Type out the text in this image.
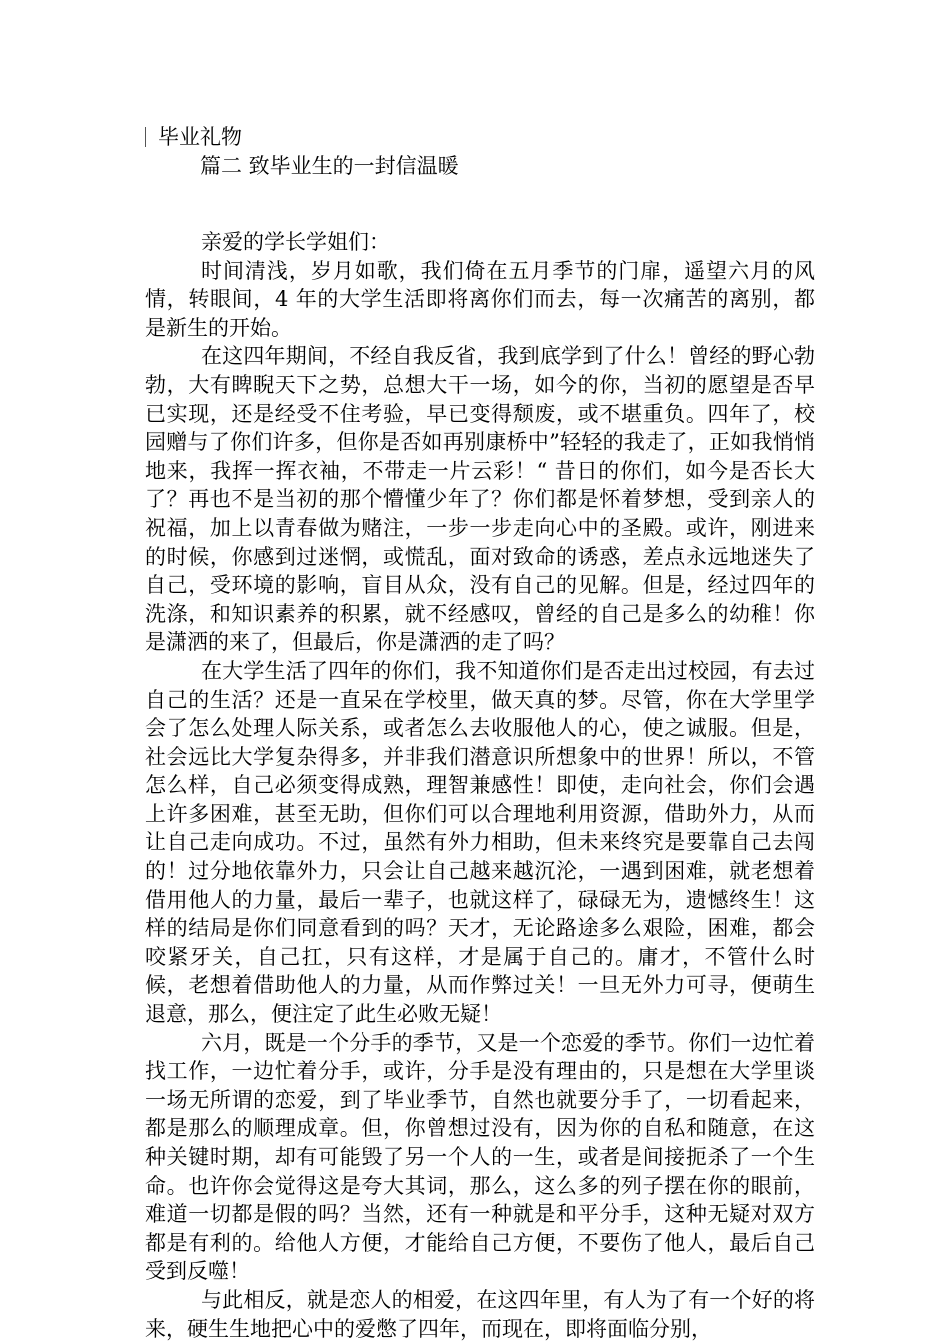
毕业礼物
篇二 致毕业生的一封信温暖

亲爱的学长学姐们：

时间清浅，岁月如歌，我们倚在五月季节的门扉，遥望六月的风情，转眼间，4 年的大学生活即将离你们而去，每一次痛苦的离别，都是新生的开始。

在这四年期间，不经自我反省，我到底学到了什么！曾经的野心勃勃，大有睥睨天下之势，总想大干一场，如今的你，当初的愿望是否早已实现，还是经受不住考验，早已变得颓废，或不堪重负。四年了，校园赠与了你们许多，但你是否如再别康桥中”轻轻的我走了，正如我悄悄地来，我挥一挥衣袖，不带走一片云彩！“ 昔日的你们，如今是否长大了？再也不是当初的那个懵懂少年了？你们都是怀着梦想，受到亲人的祝福，加上以青春做为赌注，一步一步走向心中的圣殿。或许，刚进来的时候，你感到过迷惘，或慌乱，面对致命的诱惑，差点永远地迷失了自己，受环境的影响，盲目从众，没有自己的见解。但是，经过四年的洗涤，和知识素养的积累，就不经感叹，曾经的自己是多么的幼稚！你是潇洒的来了，但最后，你是潇洒的走了吗？

在大学生活了四年的你们，我不知道你们是否走出过校园，有去过自己的生活？还是一直呆在学校里，做天真的梦。尽管，你在大学里学会了怎么处理人际关系，或者怎么去收服他人的心，使之诚服。但是，社会远比大学复杂得多，并非我们潜意识所想象中的世界！所以，不管怎么样，自己必须变得成熟，理智兼感性！即使，走向社会，你们会遇上许多困难，甚至无助，但你们可以合理地利用资源，借助外力，从而让自己走向成功。不过，虽然有外力相助，但未来终究是要靠自己去闯的！过分地依靠外力，只会让自己越来越沉沦，一遇到困难，就老想着借用他人的力量，最后一辈子，也就这样了，碌碌无为，遗憾终生！这样的结局是你们同意看到的吗？天才，无论路途多么艰险，困难，都会咬紧牙关，自己扛，只有这样，才是属于自己的。庸才，不管什么时候，老想着借助他人的力量，从而作弊过关！一旦无外力可寻，便萌生退意，那么，便注定了此生必败无疑！

六月，既是一个分手的季节，又是一个恋爱的季节。你们一边忙着找工作，一边忙着分手，或许，分手是没有理由的，只是想在大学里谈一场无所谓的恋爱，到了毕业季节，自然也就要分手了，一切看起来，都是那么的顺理成章。但，你曾想过没有，因为你的自私和随意，在这种关键时期，却有可能毁了另一个人的一生，或者是间接扼杀了一个生命。也许你会觉得这是夸大其词，那么，这么多的列子摆在你的眼前，难道一切都是假的吗？当然，还有一种就是和平分手，这种无疑对双方都是有利的。给他人方便，才能给自己方便，不要伤了他人，最后自己受到反噬！

与此相反，就是恋人的相爱，在这四年里，有人为了有一个好的将来，硬生生地把心中的爱憋了四年，而现在，即将面临分别，
